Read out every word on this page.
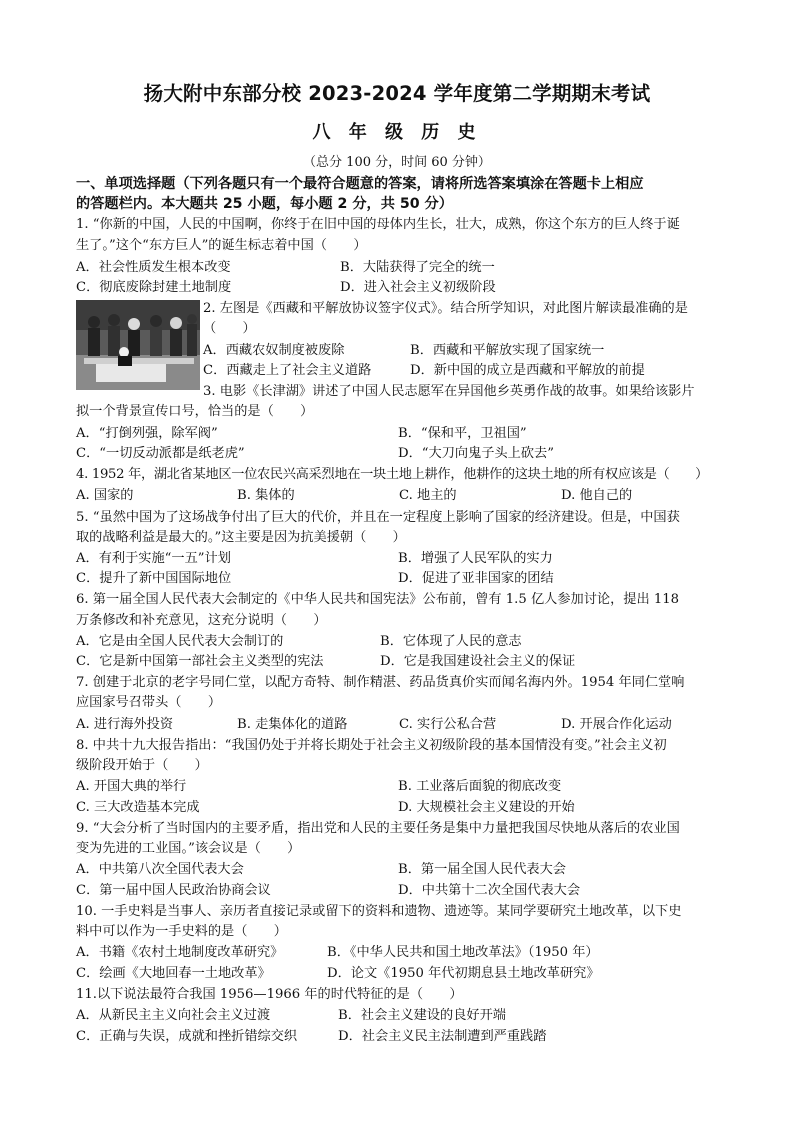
扬大附中东部分校 2023-2024 学年度第二学期期末考试
八 年 级 历 史
（总分 100 分，时间 60 分钟）
一、单项选择题（下列各题只有一个最符合题意的答案，请将所选答案填涂在答题卡上相应
的答题栏内。本大题共 25 小题，每小题 2 分，共 50 分）
1. “你新的中国，人民的中国啊，你终于在旧中国的母体内生长，壮大，成熟，你这个东方的巨人终于诞
生了。”这个“东方巨人”的诞生标志着中国（　　）
A．社会性质发生根本改变	B．大陆获得了完全的统一
C．彻底废除封建土地制度	D．进入社会主义初级阶段
2. 左图是《西藏和平解放协议签字仪式》。结合所学知识，对此图片解读最准确的是
（　　）
A．西藏农奴制度被废除	B．西藏和平解放实现了国家统一
C．西藏走上了社会主义道路	D．新中国的成立是西藏和平解放的前提
3. 电影《长津湖》讲述了中国人民志愿军在异国他乡英勇作战的故事。如果给该影片
拟一个背景宣传口号，恰当的是（　　）
A．“打倒列强，除军阀”	B．“保和平，卫祖国”
C．“一切反动派都是纸老虎”	D．“大刀向鬼子头上砍去”
4. 1952 年，湖北省某地区一位农民兴高采烈地在一块土地上耕作，他耕作的这块土地的所有权应该是（　　）
A. 国家的	B. 集体的	C. 地主的	D. 他自己的
5. “虽然中国为了这场战争付出了巨大的代价，并且在一定程度上影响了国家的经济建设。但是，中国获
取的战略利益是最大的。”这主要是因为抗美援朝（　　）
A．有利于实施“一五”计划	B．增强了人民军队的实力
C．提升了新中国国际地位	D．促进了亚非国家的团结
6. 第一届全国人民代表大会制定的《中华人民共和国宪法》公布前，曾有 1.5 亿人参加讨论，提出 118
万条修改和补充意见，这充分说明（　　）
A．它是由全国人民代表大会制订的	B．它体现了人民的意志
C．它是新中国第一部社会主义类型的宪法	D．它是我国建设社会主义的保证
7. 创建于北京的老字号同仁堂，以配方奇特、制作精湛、药品货真价实而闻名海内外。1954 年同仁堂响
应国家号召带头（　　）
A. 进行海外投资	B. 走集体化的道路	C. 实行公私合营	D. 开展合作化运动
8. 中共十九大报告指出：“我国仍处于并将长期处于社会主义初级阶段的基本国情没有变。”社会主义初
级阶段开始于（　　）
A. 开国大典的举行	B. 工业落后面貌的彻底改变
C. 三大改造基本完成	D. 大规模社会主义建设的开始
9. “大会分析了当时国内的主要矛盾，指出党和人民的主要任务是集中力量把我国尽快地从落后的农业国
变为先进的工业国。”该会议是（　　）
A．中共第八次全国代表大会	B．第一届全国人民代表大会
C．第一届中国人民政治协商会议	D．中共第十二次全国代表大会
10. 一手史料是当事人、亲历者直接记录或留下的资料和遗物、遗迹等。某同学要研究土地改革，以下史
料中可以作为一手史料的是（　　）
A．书籍《农村土地制度改革研究》	B．《中华人民共和国土地改革法》（1950 年）
C．绘画《大地回春一土地改革》	D．论文《1950 年代初期息县土地改革研究》
11.以下说法最符合我国 1956—1966 年的时代特征的是（　　）
A．从新民主主义向社会主义过渡	B．社会主义建设的良好开端
C．正确与失误，成就和挫折错综交织	D．社会主义民主法制遭到严重践踏
